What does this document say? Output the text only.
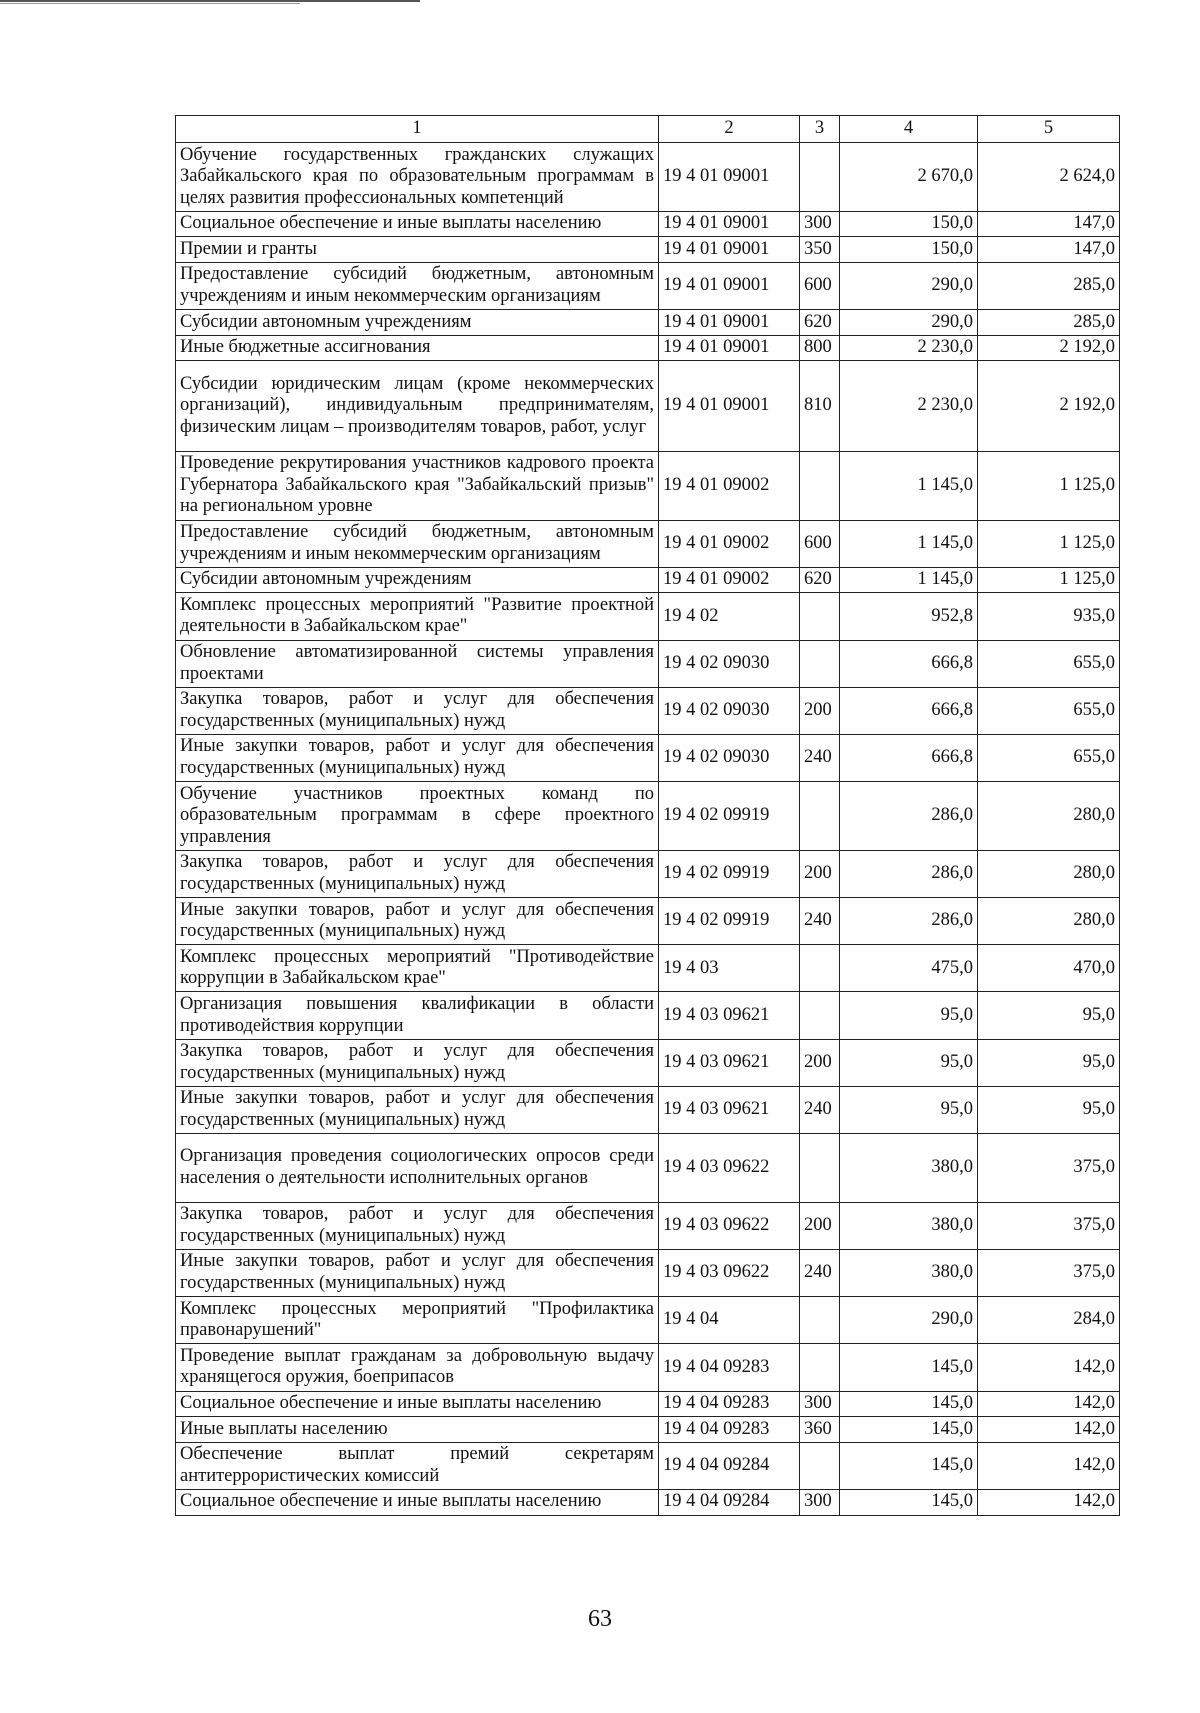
1	2	3	4	5
Обучение государственных гражданских служащих Забайкальского края по образовательным программам в целях развития профессиональных компетенций	19 4 01 09001		2 670,0	2 624,0
Социальное обеспечение и иные выплаты населению	19 4 01 09001	300	150,0	147,0
Премии и гранты	19 4 01 09001	350	150,0	147,0
Предоставление субсидий бюджетным, автономным учреждениям и иным некоммерческим организациям	19 4 01 09001	600	290,0	285,0
Субсидии автономным учреждениям	19 4 01 09001	620	290,0	285,0
Иные бюджетные ассигнования	19 4 01 09001	800	2 230,0	2 192,0
Субсидии юридическим лицам (кроме некоммерческих организаций), индивидуальным предпринимателям, физическим лицам – производителям товаров, работ, услуг	19 4 01 09001	810	2 230,0	2 192,0
Проведение рекрутирования участников кадрового проекта Губернатора Забайкальского края "Забайкальский призыв" на региональном уровне	19 4 01 09002		1 145,0	1 125,0
Предоставление субсидий бюджетным, автономным учреждениям и иным некоммерческим организациям	19 4 01 09002	600	1 145,0	1 125,0
Субсидии автономным учреждениям	19 4 01 09002	620	1 145,0	1 125,0
Комплекс процессных мероприятий "Развитие проектной деятельности в Забайкальском крае"	19 4 02		952,8	935,0
Обновление автоматизированной системы управления проектами	19 4 02 09030		666,8	655,0
Закупка товаров, работ и услуг для обеспечения государственных (муниципальных) нужд	19 4 02 09030	200	666,8	655,0
Иные закупки товаров, работ и услуг для обеспечения государственных (муниципальных) нужд	19 4 02 09030	240	666,8	655,0
Обучение участников проектных команд по образовательным программам в сфере проектного управления	19 4 02 09919		286,0	280,0
Закупка товаров, работ и услуг для обеспечения государственных (муниципальных) нужд	19 4 02 09919	200	286,0	280,0
Иные закупки товаров, работ и услуг для обеспечения государственных (муниципальных) нужд	19 4 02 09919	240	286,0	280,0
Комплекс процессных мероприятий "Противодействие коррупции в Забайкальском крае"	19 4 03		475,0	470,0
Организация повышения квалификации в области противодействия коррупции	19 4 03 09621		95,0	95,0
Закупка товаров, работ и услуг для обеспечения государственных (муниципальных) нужд	19 4 03 09621	200	95,0	95,0
Иные закупки товаров, работ и услуг для обеспечения государственных (муниципальных) нужд	19 4 03 09621	240	95,0	95,0
Организация проведения социологических опросов среди населения о деятельности исполнительных органов	19 4 03 09622		380,0	375,0
Закупка товаров, работ и услуг для обеспечения государственных (муниципальных) нужд	19 4 03 09622	200	380,0	375,0
Иные закупки товаров, работ и услуг для обеспечения государственных (муниципальных) нужд	19 4 03 09622	240	380,0	375,0
Комплекс процессных мероприятий "Профилактика правонарушений"	19 4 04		290,0	284,0
Проведение выплат гражданам за добровольную выдачу хранящегося оружия, боеприпасов	19 4 04 09283		145,0	142,0
Социальное обеспечение и иные выплаты населению	19 4 04 09283	300	145,0	142,0
Иные выплаты населению	19 4 04 09283	360	145,0	142,0
Обеспечение выплат премий секретарям антитеррористических комиссий	19 4 04 09284		145,0	142,0
Социальное обеспечение и иные выплаты населению	19 4 04 09284	300	145,0	142,0
63
